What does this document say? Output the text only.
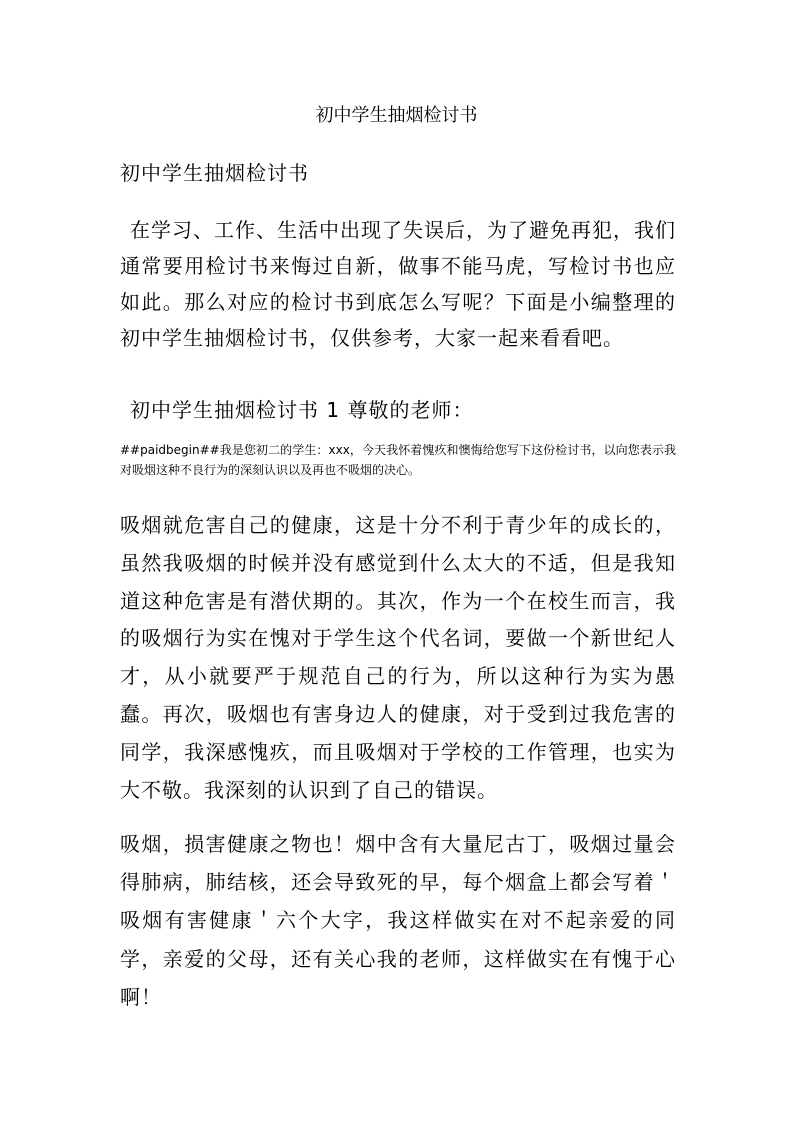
初中学生抽烟检讨书
初中学生抽烟检讨书

在学习、工作、生活中出现了失误后，为了避免再犯，我们通常要用检讨书来悔过自新，做事不能马虎，写检讨书也应如此。那么对应的检讨书到底怎么写呢？下面是小编整理的初中学生抽烟检讨书，仅供参考，大家一起来看看吧。

初中学生抽烟检讨书 1 尊敬的老师：

##paidbegin##我是您初二的学生：xxx，今天我怀着愧疚和懊悔给您写下这份检讨书，以向您表示我对吸烟这种不良行为的深刻认识以及再也不吸烟的决心。

吸烟就危害自己的健康，这是十分不利于青少年的成长的，虽然我吸烟的时候并没有感觉到什么太大的不适，但是我知道这种危害是有潜伏期的。其次，作为一个在校生而言，我的吸烟行为实在愧对于学生这个代名词，要做一个新世纪人才，从小就要严于规范自己的行为，所以这种行为实为愚蠢。再次，吸烟也有害身边人的健康，对于受到过我危害的同学，我深感愧疚，而且吸烟对于学校的工作管理，也实为大不敬。我深刻的认识到了自己的错误。

吸烟，损害健康之物也！烟中含有大量尼古丁，吸烟过量会得肺病，肺结核，还会导致死的早，每个烟盒上都会写着＇吸烟有害健康＇六个大字，我这样做实在对不起亲爱的同学，亲爱的父母，还有关心我的老师，这样做实在有愧于心啊！
